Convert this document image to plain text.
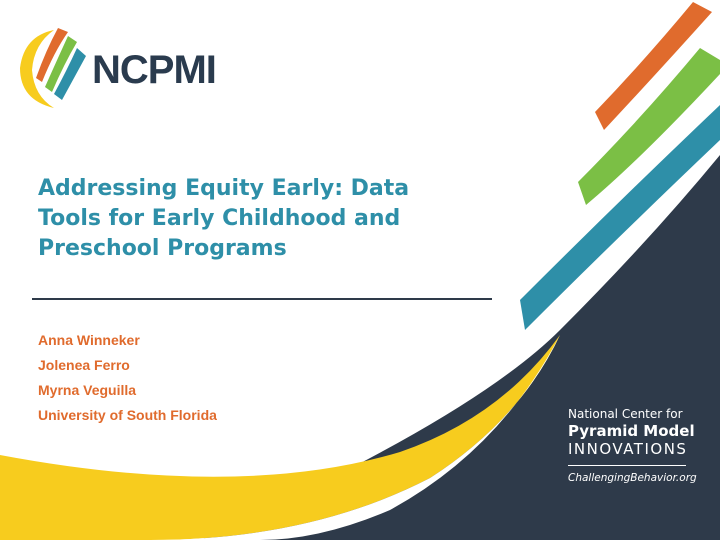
NCPMI
Addressing Equity Early: Data Tools for Early Childhood and Preschool Programs
Anna Winneker
Jolenea Ferro
Myrna Veguilla
University of South Florida	National Center for
Pyramid Model
INNOVATIONS
ChallengingBehavior.org
